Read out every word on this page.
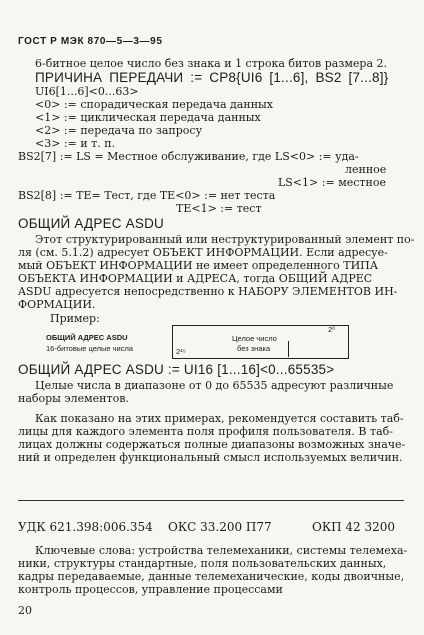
ГОСТ Р МЭК 870—5—3—95
6-битное целое число без знака и 1 строка битов размера 2.
ПРИЧИНА ПЕРЕДАЧИ := CP8{UI6 [1...6], BS2 [7...8]}
UI6[1...6]<0...63>
<0> := спорадическая передача данных
<1> := циклическая передача данных
<2> := передача по запросу
<3> := и т. п.
BS2[7] := LS = Местное обслуживание, где LS<0> := уда-
ленное
LS<1> := местное
BS2[8] := TE= Тест, где TE<0> := нет теста
TE<1> := тест
ОБЩИЙ АДРЕС ASDU
Этот структурированный или неструктурированный элемент по-
ля (см. 5.1.2) адресует ОБЪЕКТ ИНФОРМАЦИИ. Если адресуе-
мый ОБЪЕКТ ИНФОРМАЦИИ не имеет определенного ТИПА
ОБЪЕКТА ИНФОРМАЦИИ и АДРЕСА, тогда ОБЩИЙ АДРЕС
ASDU адресуется непосредственно к НАБОРУ ЭЛЕМЕНТОВ ИН-
ФОРМАЦИИ.
Пример:
ОБЩИЙ АДРЕС ASDU
16-битовые целые числа
Целое число
без знака
2⁰
2¹⁵
ОБЩИЙ АДРЕС ASDU := UI16 [1...16]<0...65535>
Целые числа в диапазоне от 0 до 65535 адресуют различные
наборы элементов.
Как показано на этих примерах, рекомендуется составить таб-
лицы для каждого элемента поля профиля пользователя. В таб-
лицах должны содержаться полные диапазоны возможных значе-
ний и определен функциональный смысл используемых величин.
УДК 621.398:006.354 ОКС 33.200 П77	ОКП 42 3200
Ключевые слова: устройства телемеханики, системы телемеха-
ники, структуры стандартные, поля пользовательских данных,
кадры передаваемые, данные телемеханические, коды двоичные,
контроль процессов, управление процессами
20
